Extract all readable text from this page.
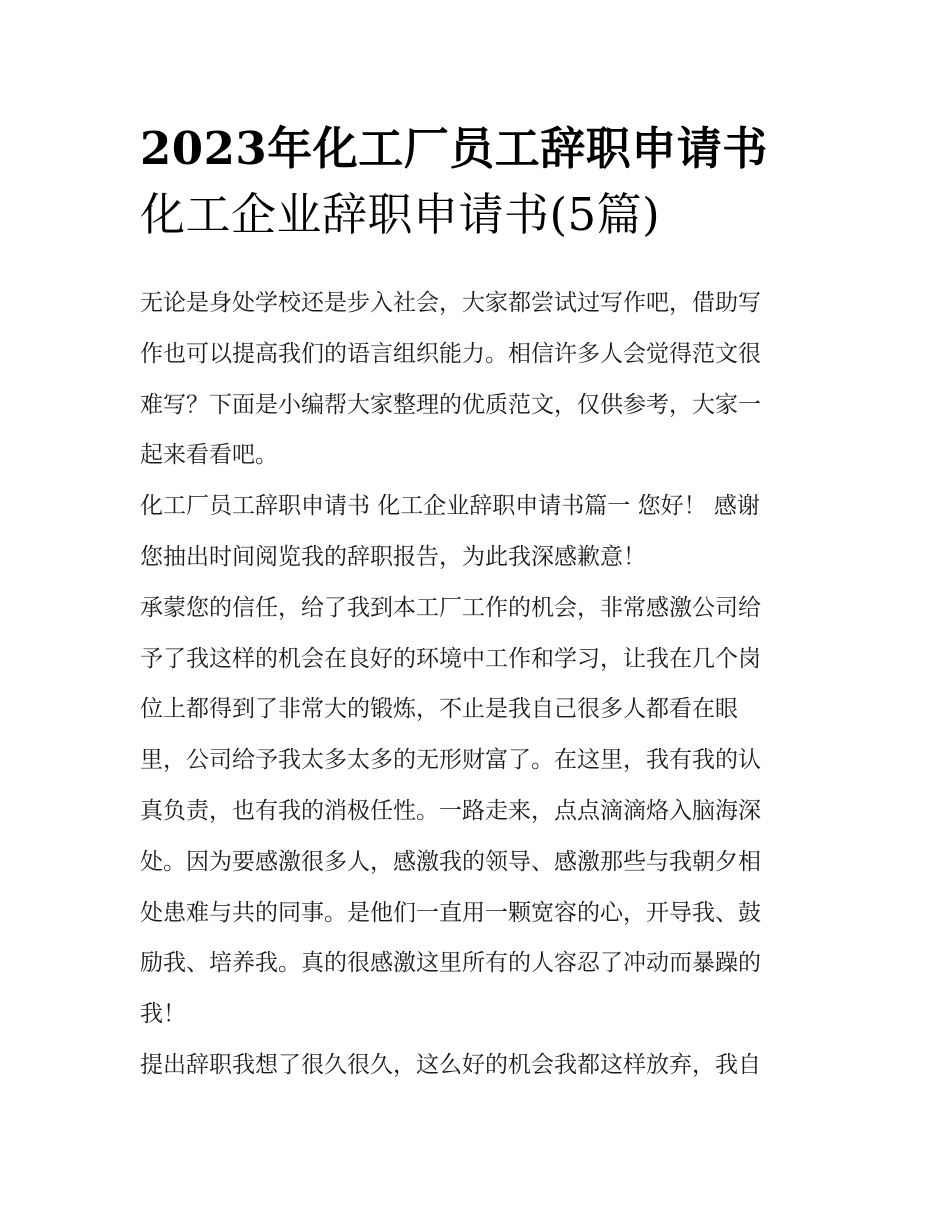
2023年化工厂员工辞职申请书
化工企业辞职申请书(5篇)
无论是身处学校还是步入社会，大家都尝试过写作吧，借助写
作也可以提高我们的语言组织能力。相信许多人会觉得范文很
难写？下面是小编帮大家整理的优质范文，仅供参考，大家一
起来看看吧。
化工厂员工辞职申请书 化工企业辞职申请书篇一 您好！ 感谢
您抽出时间阅览我的辞职报告，为此我深感歉意！
承蒙您的信任，给了我到本工厂工作的机会，非常感激公司给
予了我这样的机会在良好的环境中工作和学习，让我在几个岗
位上都得到了非常大的锻炼，不止是我自己很多人都看在眼
里，公司给予我太多太多的无形财富了。在这里，我有我的认
真负责，也有我的消极任性。一路走来，点点滴滴烙入脑海深
处。因为要感激很多人，感激我的领导、感激那些与我朝夕相
处患难与共的同事。是他们一直用一颗宽容的心，开导我、鼓
励我、培养我。真的很感激这里所有的人容忍了冲动而暴躁的
我！
提出辞职我想了很久很久，这么好的机会我都这样放弃，我自
